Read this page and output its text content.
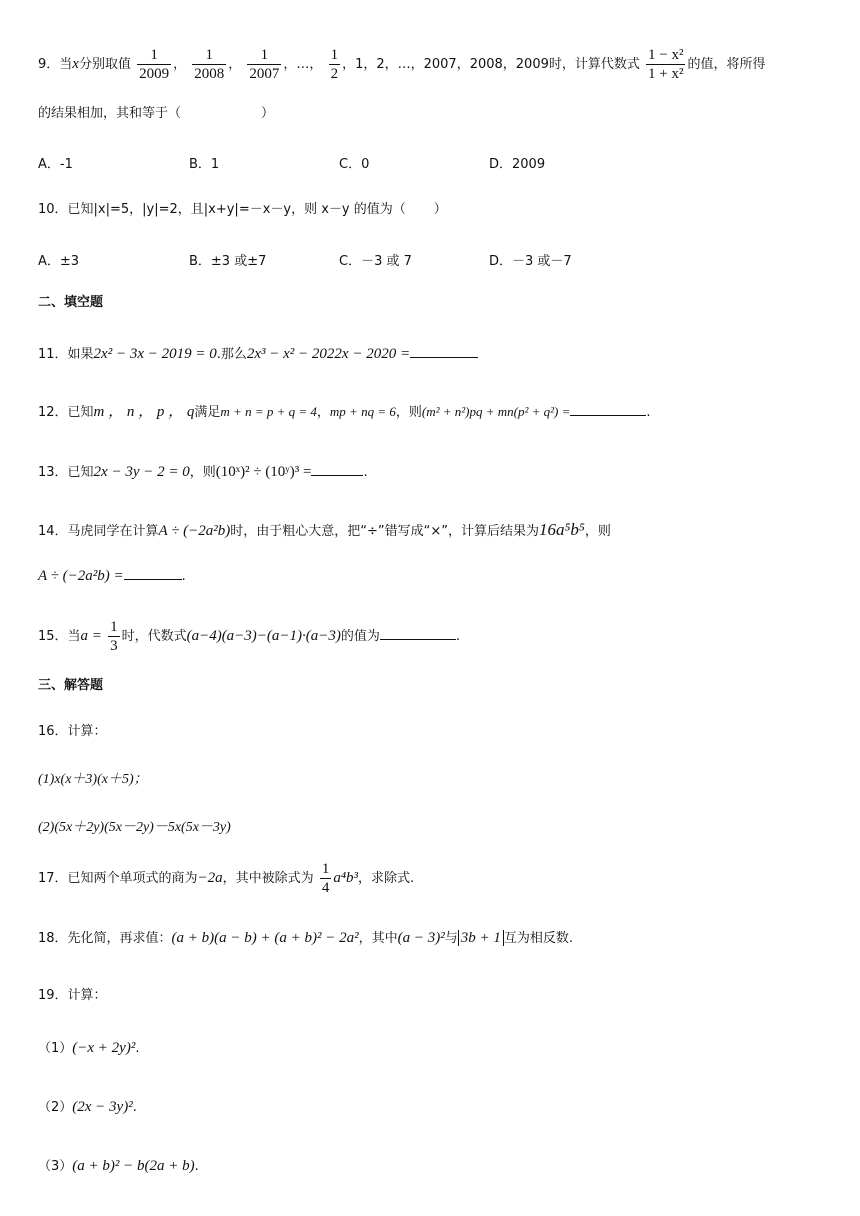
9．当x分别取值 $\frac{1}{2009}$ ， $\frac{1}{2008}$ ， $\frac{1}{2007}$ ，…， $\frac{1}{2}$ ，1，2，…，2007，2008，2009时，计算代数式 $\frac{\text{1 − x²}}{\text{1 + x²}}$ 的值，将所得
的结果相加，其和等于（	）
A．-1	B．1	C．0	D．2009
10．已知|x|=5，|y|=2，且|x+y|=－x－y，则 x－y 的值为（ ）
A．±3	B．±3 或±7	C．－3 或 7	D．－3 或－7
二、填空题
11．如果2x² − 3x − 2019 = 0.那么2x³ − x² − 2022x − 2020 =
12．已知m ， n ， p ， q满足m + n = p + q = 4，mp + nq = 6，则(m² + n²)pq + mn(p² + q²) =	.
13．已知2x − 3y − 2 = 0，则(10ˣ)² ÷ (10ʸ)³ =	.
14．马虎同学在计算A ÷ (−2a²b)时，由于粗心大意，把“÷”错写成“×”，计算后结果为16a⁵b⁵，则
A ÷ (−2a²b) =	.
15．当$a = \frac{1}{3}$ 时，代数式(a−4)(a−3)−(a−1)·(a−3)的值为	.
三、解答题
16．计算：
(1)x(x＋3)(x＋5)；
(2)(5x＋2y)(5x－2y)－5x(5x－3y)
17．已知两个单项式的商为−2a，其中被除式为 $\frac{1}{4} a^4b^3$，求除式.
18．先化简，再求值：(a + b)(a − b) + (a + b)² − 2a²，其中(a − 3)²与 3b + 1 互为相反数.
19．计算：
（1）(−x + 2y)².
（2）(2x − 3y)².
（3）(a + b)² − b(2a + b).
